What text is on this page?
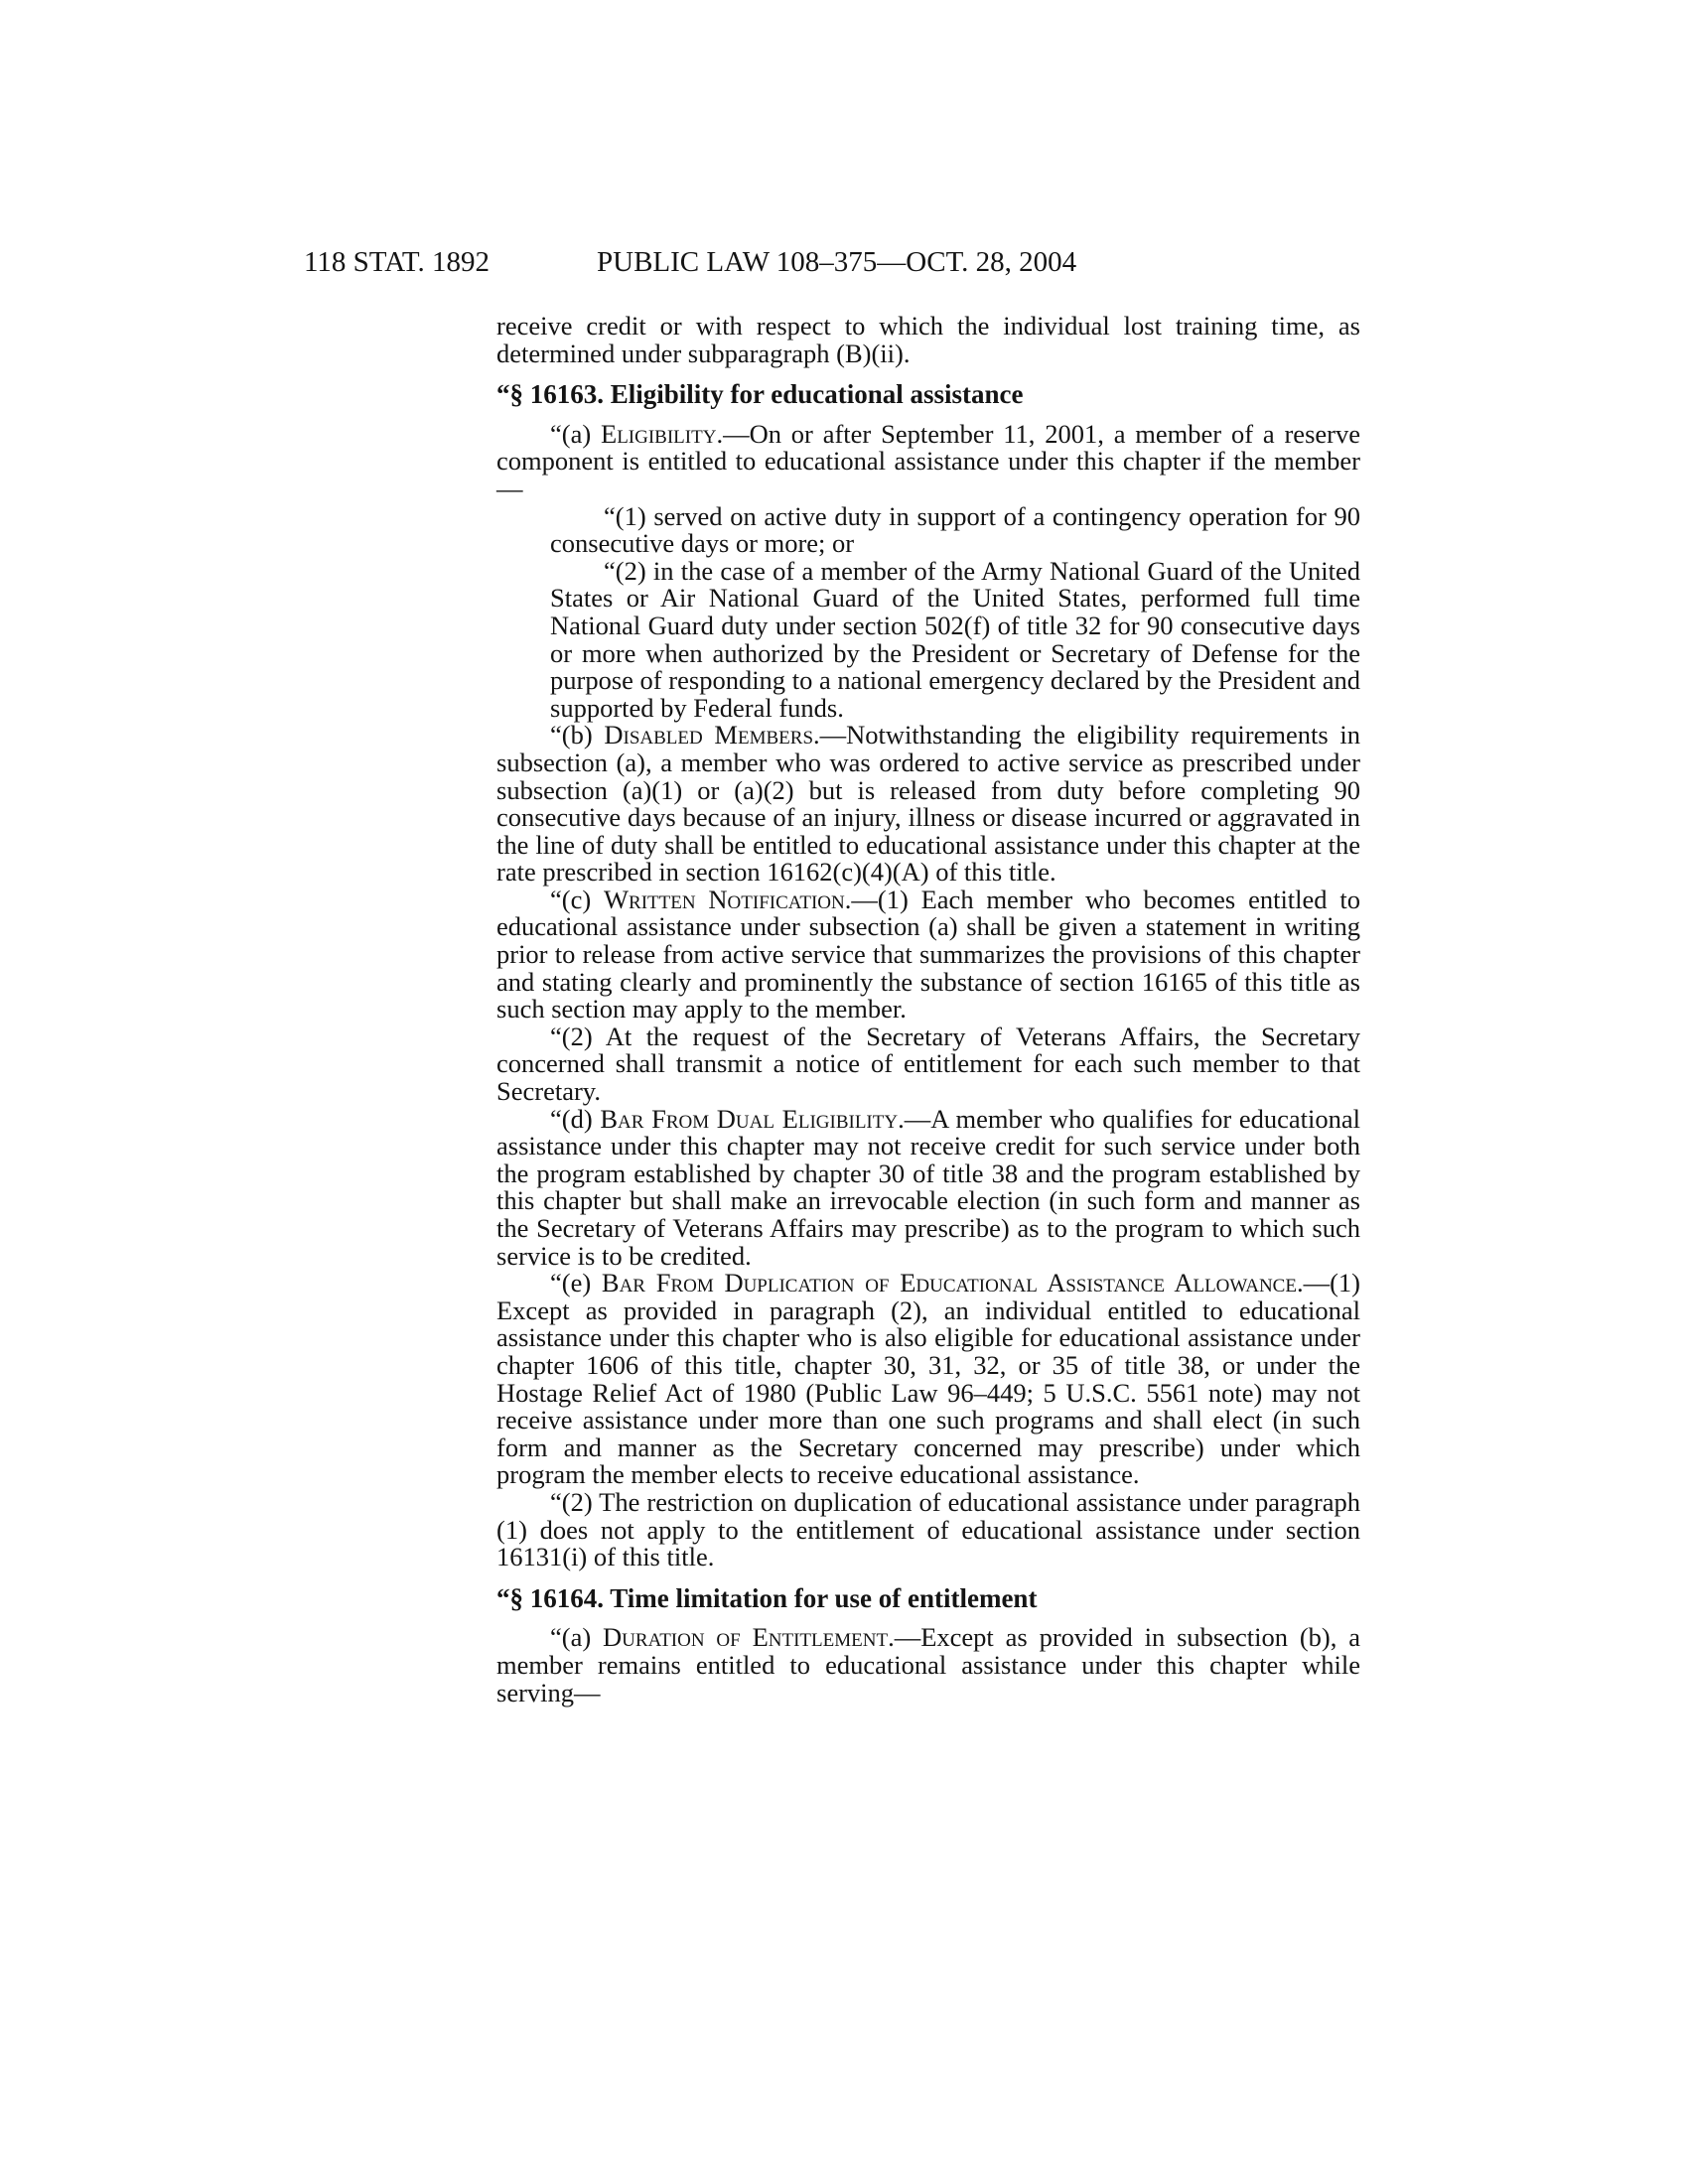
118 STAT. 1892	PUBLIC LAW 108–375—OCT. 28, 2004

receive credit or with respect to which the individual lost training time, as determined under subparagraph (B)(ii).

“§ 16163. Eligibility for educational assistance

“(a) Eligibility.—On or after September 11, 2001, a member of a reserve component is entitled to educational assistance under this chapter if the member—

“(1) served on active duty in support of a contingency operation for 90 consecutive days or more; or

“(2) in the case of a member of the Army National Guard of the United States or Air National Guard of the United States, performed full time National Guard duty under section 502(f) of title 32 for 90 consecutive days or more when authorized by the President or Secretary of Defense for the purpose of responding to a national emergency declared by the President and supported by Federal funds.

“(b) Disabled Members.—Notwithstanding the eligibility requirements in subsection (a), a member who was ordered to active service as prescribed under subsection (a)(1) or (a)(2) but is released from duty before completing 90 consecutive days because of an injury, illness or disease incurred or aggravated in the line of duty shall be entitled to educational assistance under this chapter at the rate prescribed in section 16162(c)(4)(A) of this title.

“(c) Written Notification.—(1) Each member who becomes entitled to educational assistance under subsection (a) shall be given a statement in writing prior to release from active service that summarizes the provisions of this chapter and stating clearly and prominently the substance of section 16165 of this title as such section may apply to the member.

“(2) At the request of the Secretary of Veterans Affairs, the Secretary concerned shall transmit a notice of entitlement for each such member to that Secretary.

“(d) Bar From Dual Eligibility.—A member who qualifies for educational assistance under this chapter may not receive credit for such service under both the program established by chapter 30 of title 38 and the program established by this chapter but shall make an irrevocable election (in such form and manner as the Secretary of Veterans Affairs may prescribe) as to the program to which such service is to be credited.

“(e) Bar From Duplication of Educational Assistance Allowance.—(1) Except as provided in paragraph (2), an individual entitled to educational assistance under this chapter who is also eligible for educational assistance under chapter 1606 of this title, chapter 30, 31, 32, or 35 of title 38, or under the Hostage Relief Act of 1980 (Public Law 96–449; 5 U.S.C. 5561 note) may not receive assistance under more than one such programs and shall elect (in such form and manner as the Secretary concerned may prescribe) under which program the member elects to receive educational assistance.

“(2) The restriction on duplication of educational assistance under paragraph (1) does not apply to the entitlement of educational assistance under section 16131(i) of this title.

“§ 16164. Time limitation for use of entitlement

“(a) Duration of Entitlement.—Except as provided in subsection (b), a member remains entitled to educational assistance under this chapter while serving—
